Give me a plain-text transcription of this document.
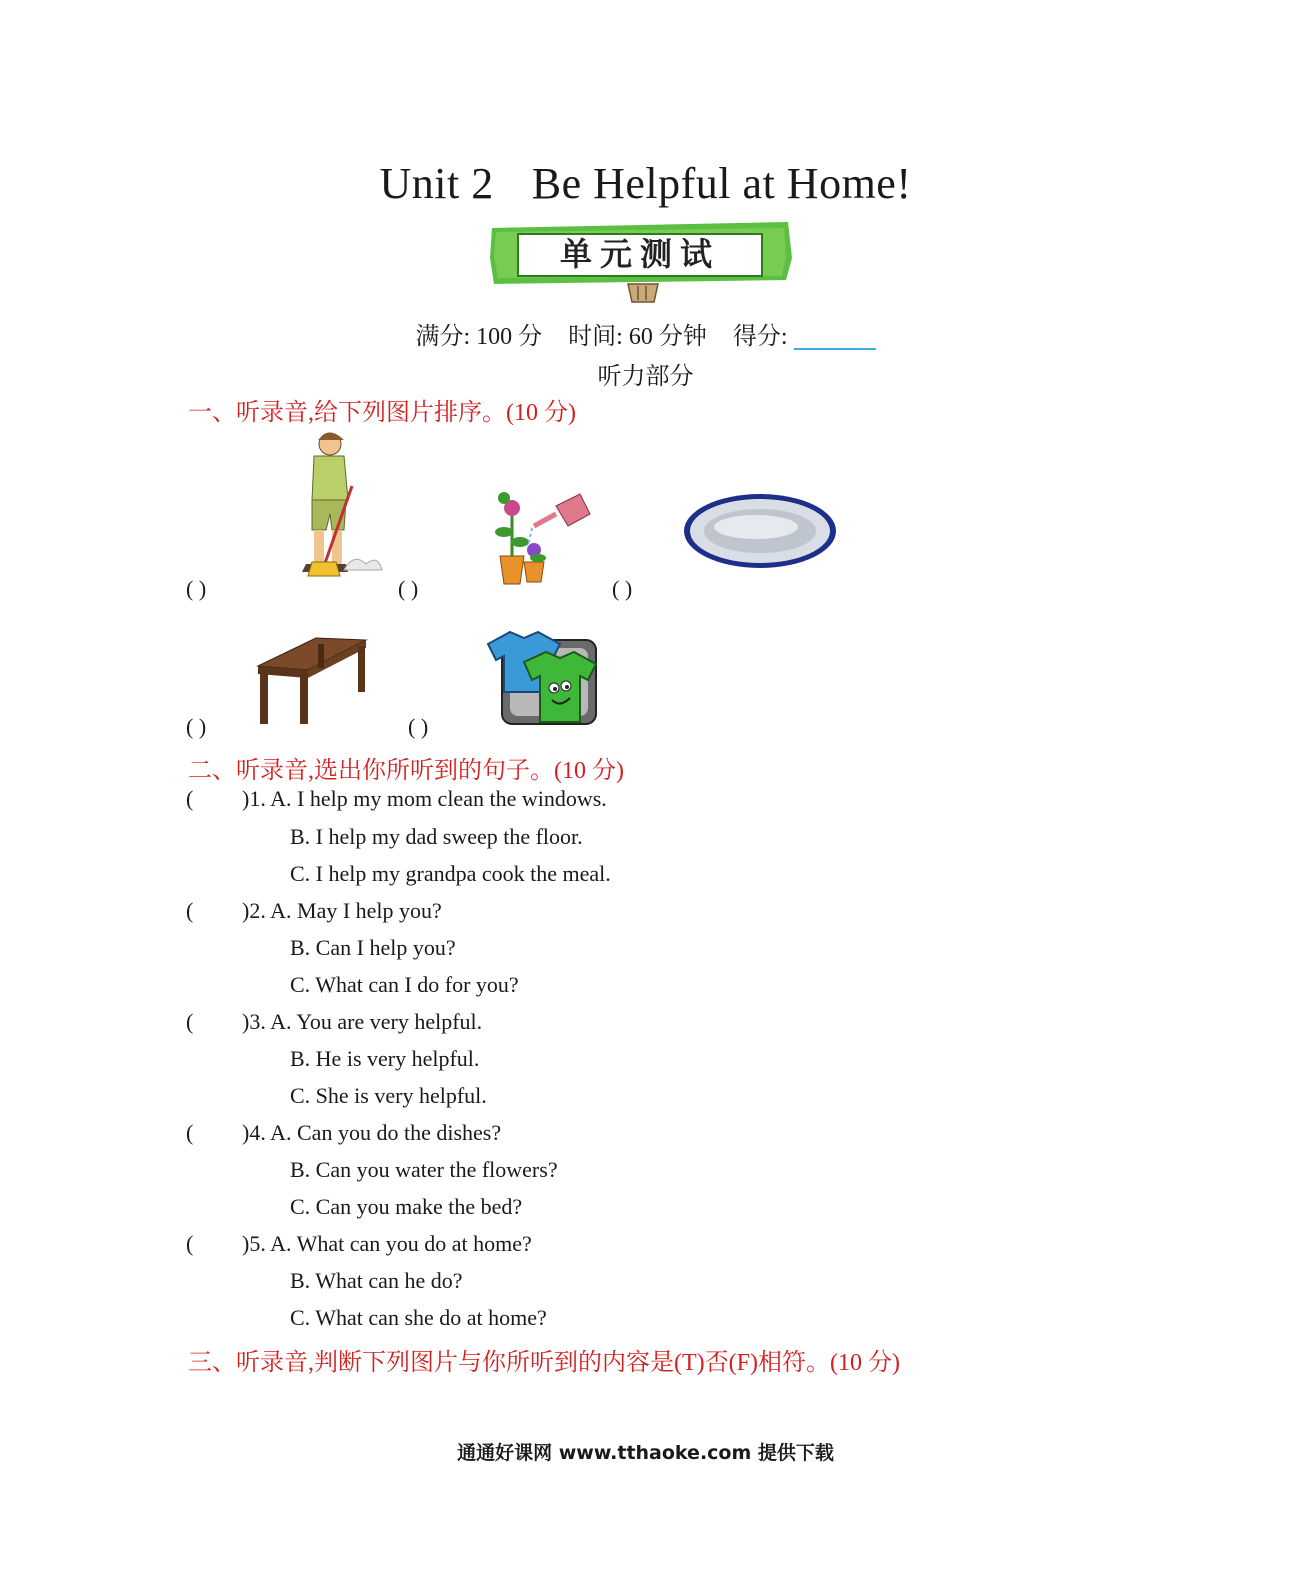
Unit 2 Be Helpful at Home!
单元测试
满分: 100 分 时间: 60 分钟 得分:
听力部分
一、听录音,给下列图片排序。(10 分)
( )	( )	( )
( )	( )
二、听录音,选出你所听到的句子。(10 分)
( )1. A. I help my mom clean the windows.
B. I help my dad sweep the floor.
C. I help my grandpa cook the meal.
( )2. A. May I help you?
B. Can I help you?
C. What can I do for you?
( )3. A. You are very helpful.
B. He is very helpful.
C. She is very helpful.
( )4. A. Can you do the dishes?
B. Can you water the flowers?
C. Can you make the bed?
( )5. A. What can you do at home?
B. What can he do?
C. What can she do at home?
三、听录音,判断下列图片与你所听到的内容是(T)否(F)相符。(10 分)
通通好课网 www.tthaoke.com 提供下载
